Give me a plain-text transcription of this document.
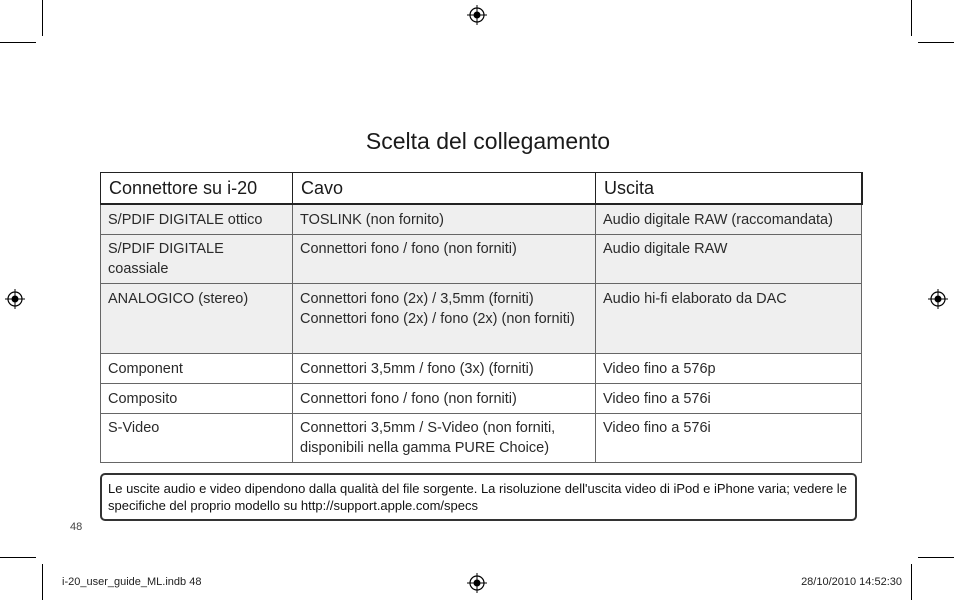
Scelta del collegamento
Connettore su i-20	Cavo	Uscita
S/PDIF DIGITALE ottico	TOSLINK (non fornito)	Audio digitale RAW (raccomandata)
S/PDIF DIGITALE coassiale	Connettori fono / fono (non forniti)	Audio digitale RAW
ANALOGICO (stereo)	Connettori fono (2x) / 3,5mm (forniti) Connettori fono (2x) / fono (2x) (non forniti)	Audio hi-fi elaborato da DAC
Component	Connettori 3,5mm / fono (3x) (forniti)	Video fino a 576p
Composito	Connettori fono / fono (non forniti)	Video fino a 576i
S-Video	Connettori 3,5mm / S-Video (non forniti, disponibili nella gamma PURE Choice)	Video fino a 576i
Le uscite audio e video dipendono dalla qualità del file sorgente. La risoluzione dell'uscita video di iPod e iPhone varia; vedere le specifiche del proprio modello su http://support.apple.com/specs
48
i-20_user_guide_ML.indb 48	28/10/2010 14:52:30
